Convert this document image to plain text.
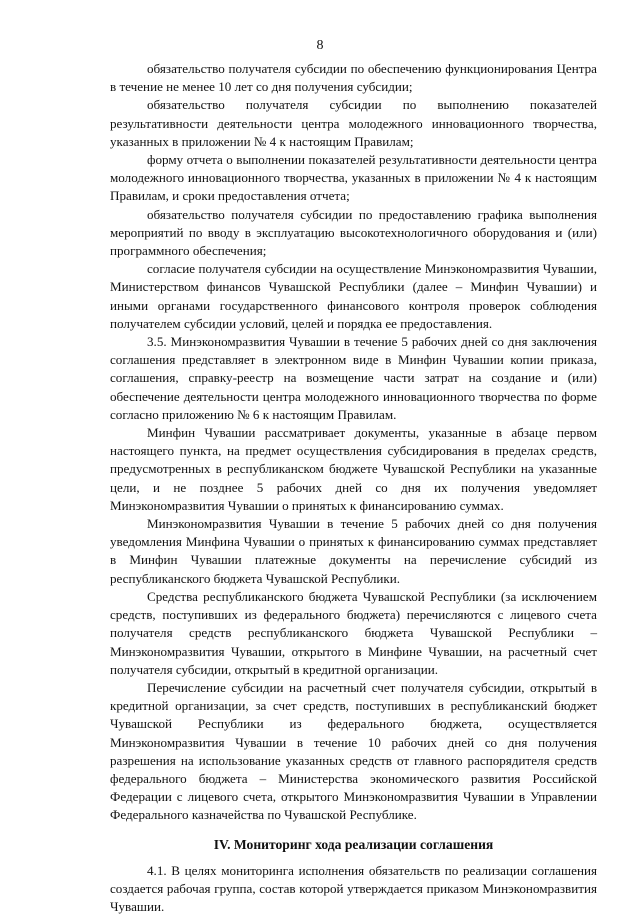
8

обязательство получателя субсидии по обеспечению функционирования Центра в течение не менее 10 лет со дня получения субсидии;

обязательство получателя субсидии по выполнению показателей результативности деятельности центра молодежного инновационного творчества, указанных в приложении № 4 к настоящим Правилам;

форму отчета о выполнении показателей результативности деятельности центра молодежного инновационного творчества, указанных в приложении № 4 к настоящим Правилам, и сроки предоставления отчета;

обязательство получателя субсидии по предоставлению графика выполнения мероприятий по вводу в эксплуатацию высокотехнологичного оборудования и (или) программного обеспечения;

согласие получателя субсидии на осуществление Минэкономразвития Чувашии, Министерством финансов Чувашской Республики (далее – Минфин Чувашии) и иными органами государственного финансового контроля проверок соблюдения получателем субсидии условий, целей и порядка ее предоставления.

3.5. Минэкономразвития Чувашии в течение 5 рабочих дней со дня заключения соглашения представляет в электронном виде в Минфин Чувашии копии приказа, соглашения, справку-реестр на возмещение части затрат на создание и (или) обеспечение деятельности центра молодежного инновационного творчества по форме согласно приложению № 6 к настоящим Правилам.

Минфин Чувашии рассматривает документы, указанные в абзаце первом настоящего пункта, на предмет осуществления субсидирования в пределах средств, предусмотренных в республиканском бюджете Чувашской Республики на указанные цели, и не позднее 5 рабочих дней со дня их получения уведомляет Минэкономразвития Чувашии о принятых к финансированию суммах.

Минэкономразвития Чувашии в течение 5 рабочих дней со дня получения уведомления Минфина Чувашии о принятых к финансированию суммах представляет в Минфин Чувашии платежные документы на перечисление субсидий из республиканского бюджета Чувашской Республики.

Средства республиканского бюджета Чувашской Республики (за исключением средств, поступивших из федерального бюджета) перечисляются с лицевого счета получателя средств республиканского бюджета Чувашской Республики – Минэкономразвития Чувашии, открытого в Минфине Чувашии, на расчетный счет получателя субсидии, открытый в кредитной организации.

Перечисление субсидии на расчетный счет получателя субсидии, открытый в кредитной организации, за счет средств, поступивших в республиканский бюджет Чувашской Республики из федерального бюджета, осуществляется Минэкономразвития Чувашии в течение 10 рабочих дней со дня получения разрешения на использование указанных средств от главного распорядителя средств федерального бюджета – Министерства экономического развития Российской Федерации с лицевого счета, открытого Минэкономразвития Чувашии в Управлении Федерального казначейства по Чувашской Республике.

IV. Мониторинг хода реализации соглашения

4.1. В целях мониторинга исполнения обязательств по реализации соглашения создается рабочая группа, состав которой утверждается приказом Минэкономразвития Чувашии.
